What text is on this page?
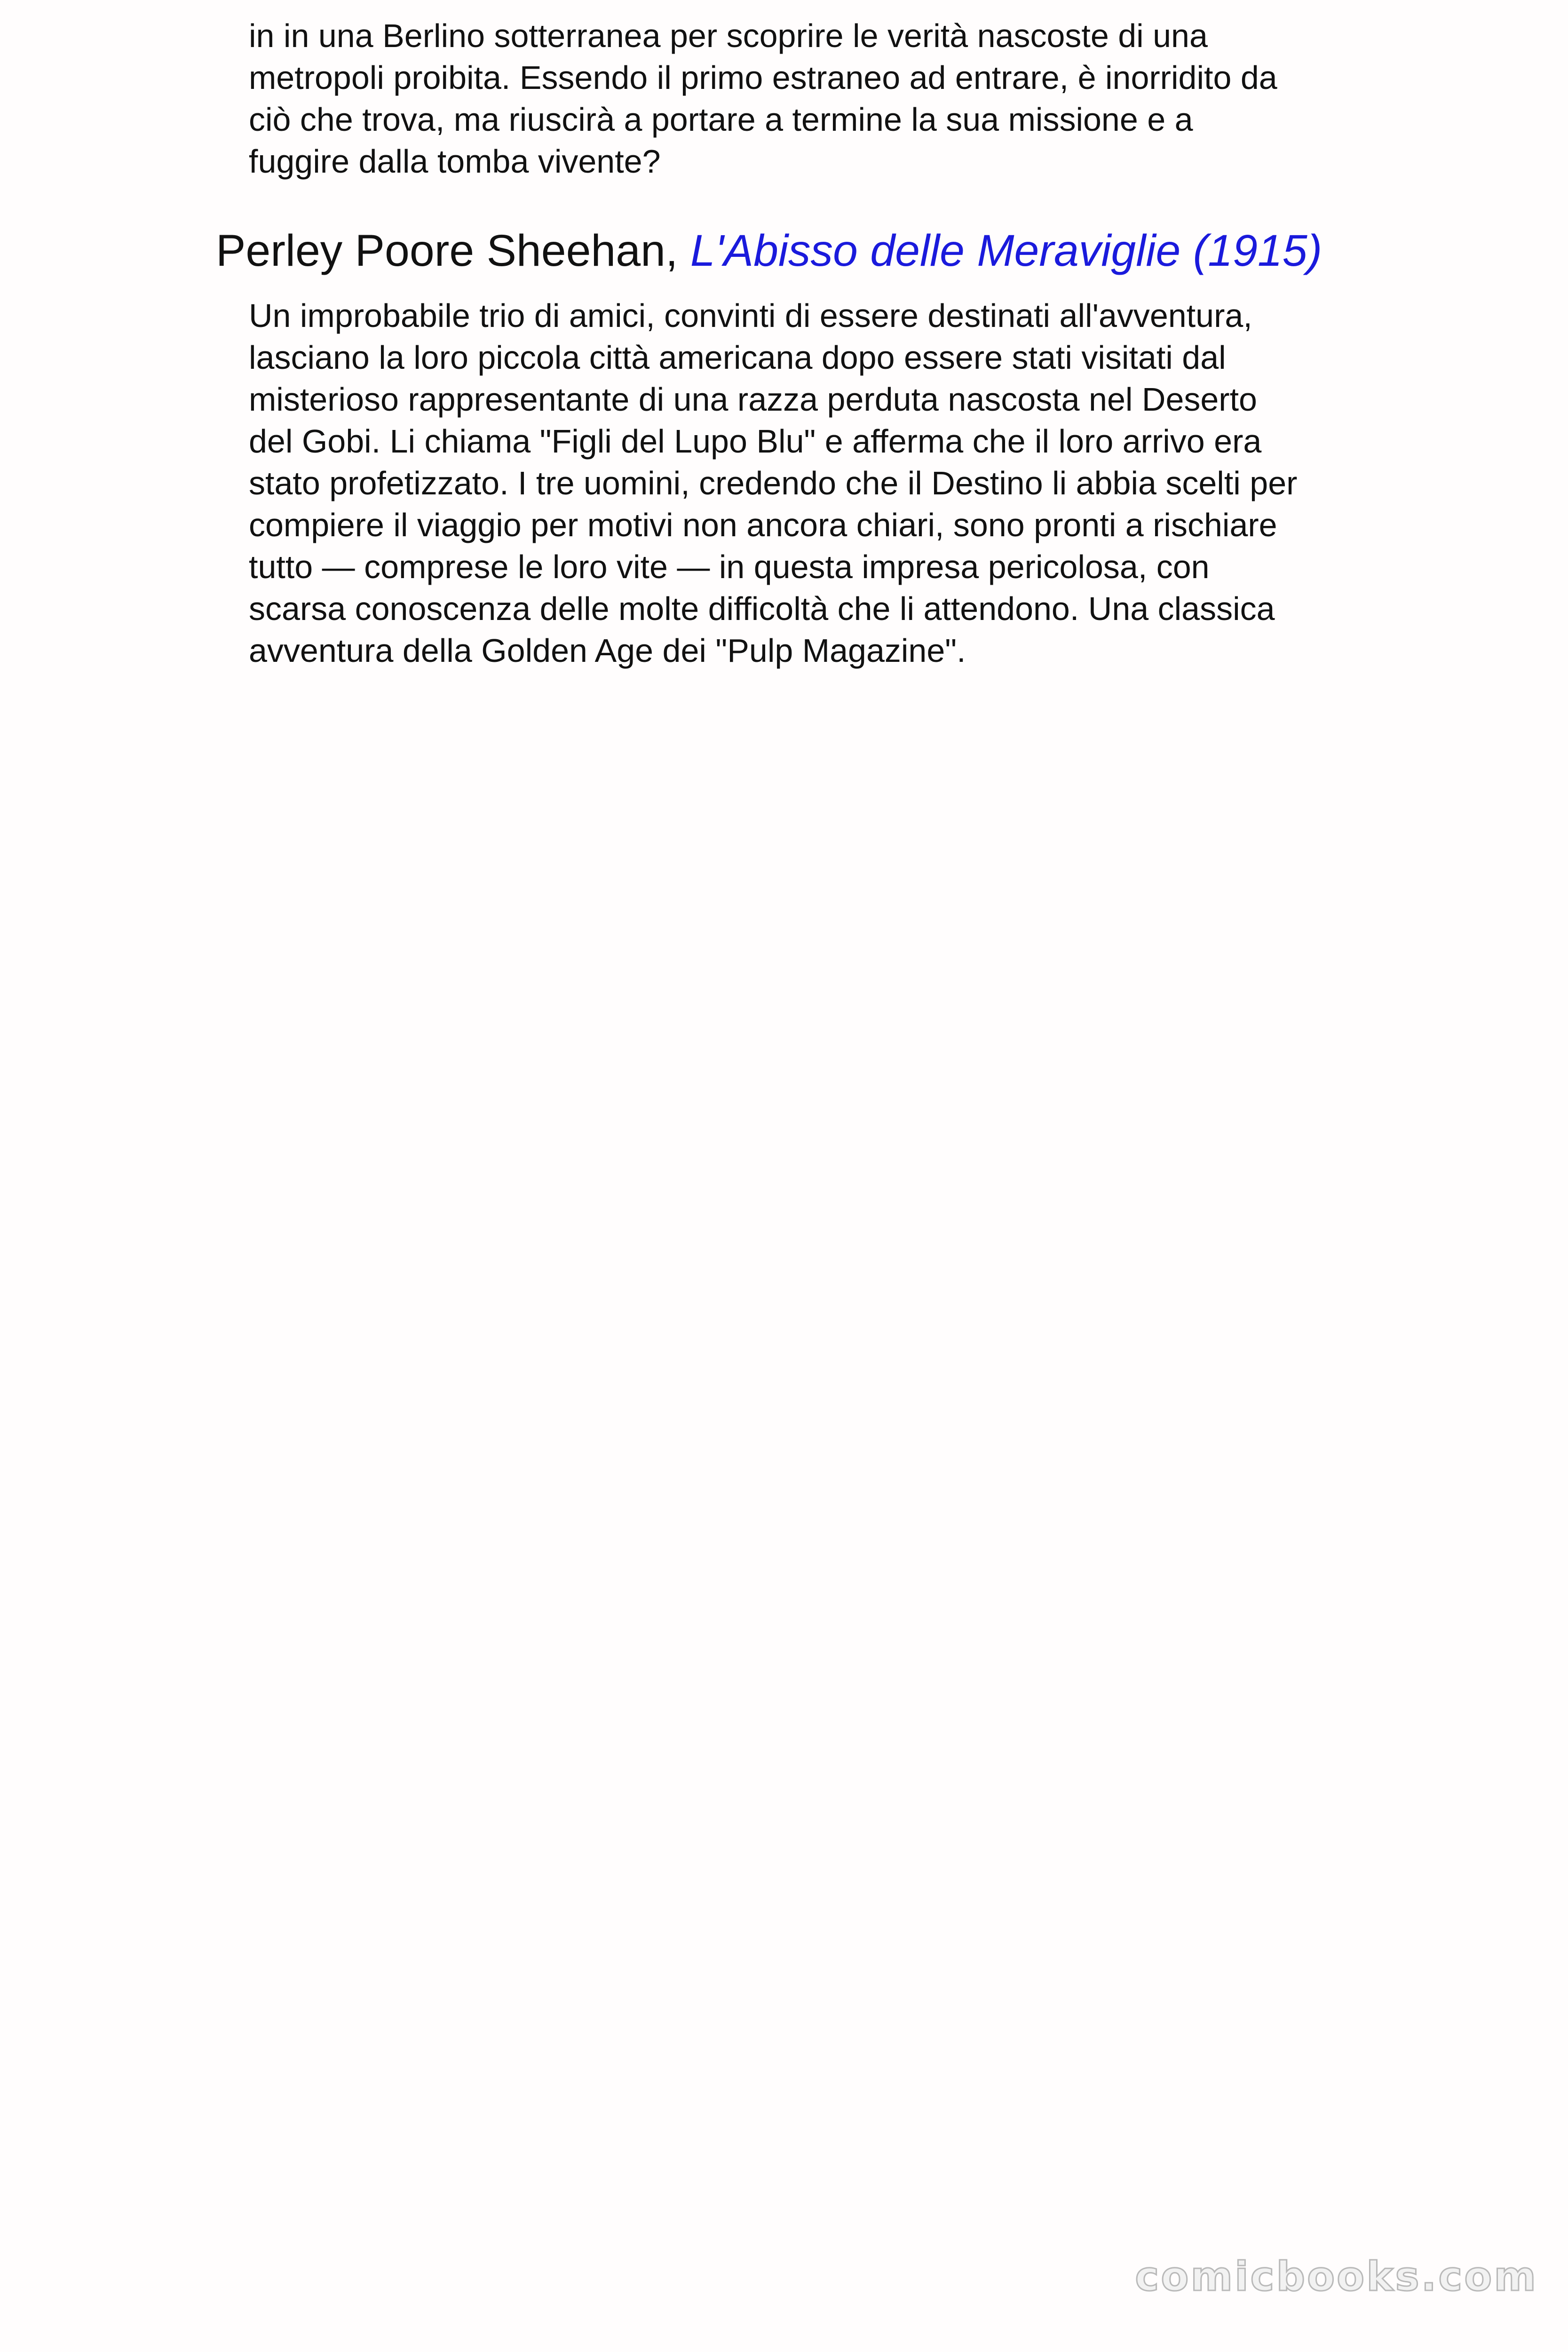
in in una Berlino sotterranea per scoprire le verità nascoste di una
metropoli proibita. Essendo il primo estraneo ad entrare, è inorridito da
ciò che trova, ma riuscirà a portare a termine la sua missione e a
fuggire dalla tomba vivente?

Perley Poore Sheehan, L'Abisso delle Meraviglie (1915)

Un improbabile trio di amici, convinti di essere destinati all'avventura,
lasciano la loro piccola città americana dopo essere stati visitati dal
misterioso rappresentante di una razza perduta nascosta nel Deserto
del Gobi. Li chiama "Figli del Lupo Blu" e afferma che il loro arrivo era
stato profetizzato. I tre uomini, credendo che il Destino li abbia scelti per
compiere il viaggio per motivi non ancora chiari, sono pronti a rischiare
tutto — comprese le loro vite — in questa impresa pericolosa, con
scarsa conoscenza delle molte difficoltà che li attendono. Una classica
avventura della Golden Age dei "Pulp Magazine".

comicbooks.com
